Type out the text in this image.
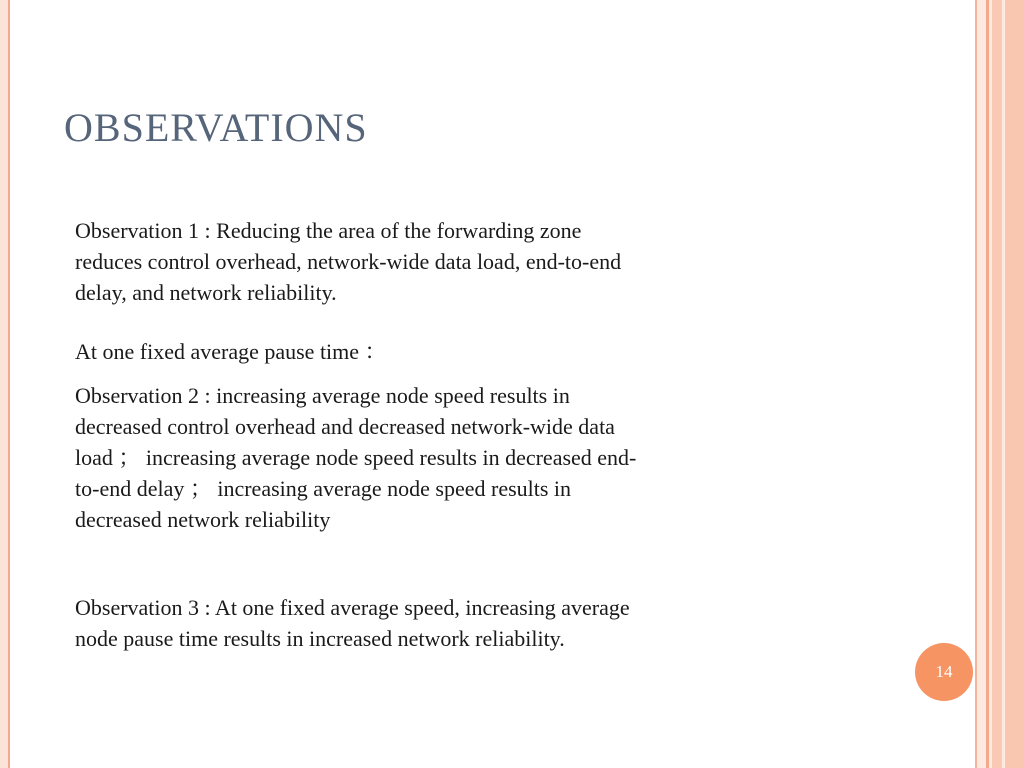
OBSERVATIONS

Observation 1 : Reducing the area of the forwarding zone
reduces control overhead, network-wide data load, end-to-end
delay, and network reliability.

At one fixed average pause time ：

Observation 2 : increasing average node speed results in
decreased control overhead and decreased network-wide data
load ； increasing average node speed results in decreased end-
to-end delay ； increasing average node speed results in
decreased network reliability

Observation 3 : At one fixed average speed, increasing average
node pause time results in increased network reliability.

14
